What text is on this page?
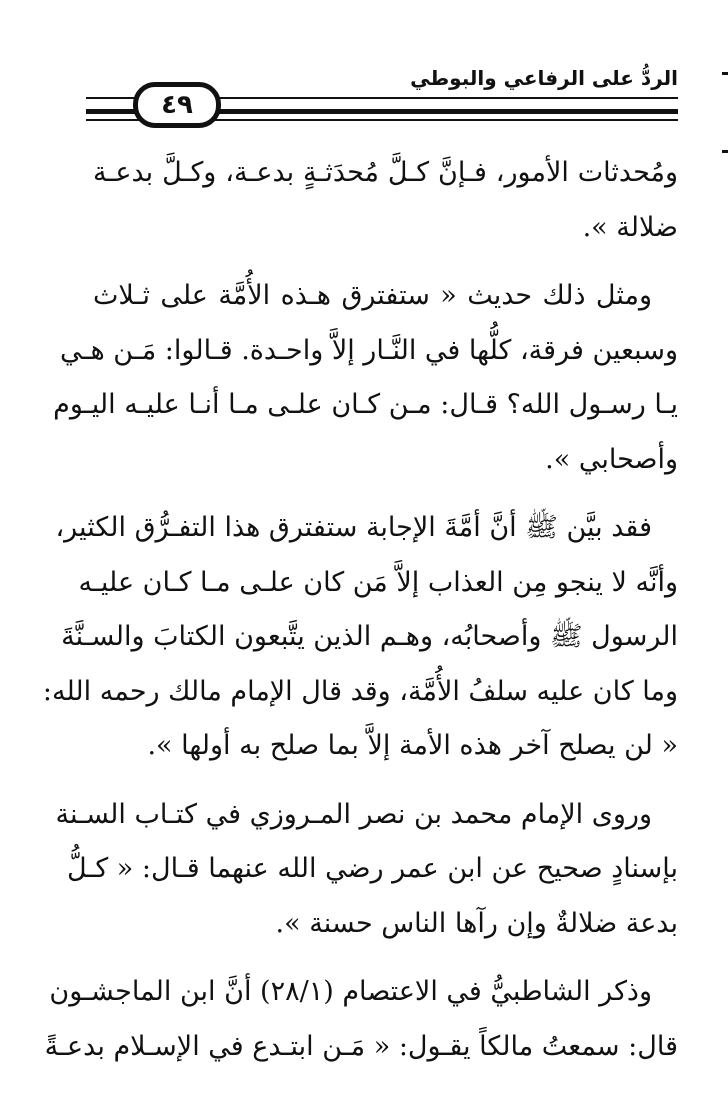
الردُّ على الرفاعي والبوطي
٤٩

ومُحدثات الأمور، فـإنَّ كـلَّ مُحدَثـةٍ بدعـة، وكـلَّ بدعـة
ضلالة ».

ومثل ذلك حديث « ستفترق هـذه الأُمَّة على ثـلاث
وسبعين فرقة، كلُّها في النَّـار إلاَّ واحـدة. قـالوا: مَـن هـي
يـا رسـول الله؟ قـال: مـن كـان علـى مـا أنـا عليـه اليـوم
وأصحابي ».

فقد بيَّن ﷺ أنَّ أمَّةَ الإجابة ستفترق هذا التفـرُّق الكثير،
وأنَّه لا ينجو مِن العذاب إلاَّ مَن كان علـى مـا كـان عليـه
الرسول ﷺ وأصحابُه، وهـم الذين يتَّبعون الكتابَ والسـنَّةَ
وما كان عليه سلفُ الأُمَّة، وقد قال الإمام مالك رحمه الله:
« لن يصلح آخر هذه الأمة إلاَّ بما صلح به أولها ».

وروى الإمام محمد بن نصر المـروزي في كتـاب السـنة
بإسنادٍ صحيح عن ابن عمر رضي الله عنهما قـال: « كـلُّ
بدعة ضلالةٌ وإن رآها الناس حسنة ».

وذكر الشاطبيُّ في الاعتصام (٢٨/١) أنَّ ابن الماجشـون
قال: سمعتُ مالكاً يقـول: « مَـن ابتـدع في الإسـلام بدعـةً
